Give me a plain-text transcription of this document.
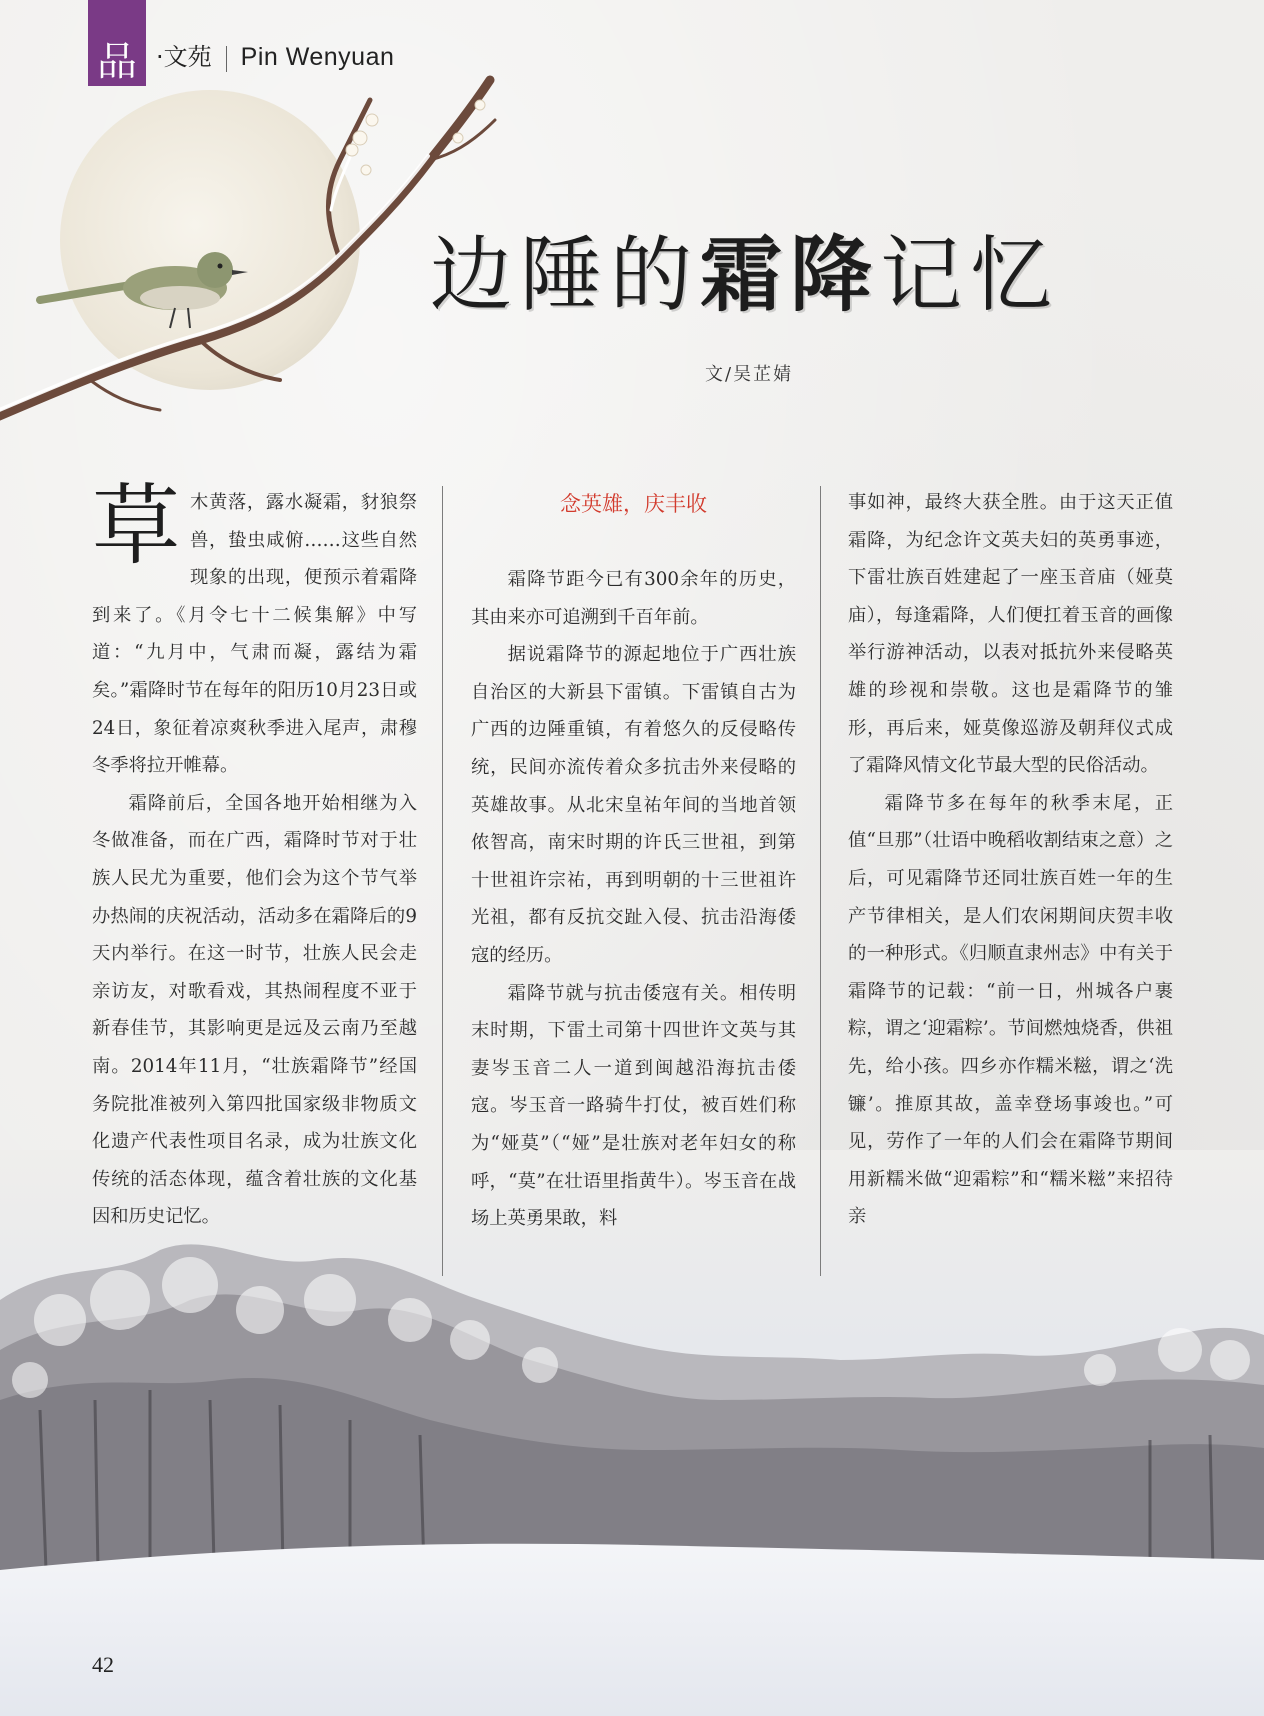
品 ·文苑 Pin Wenyuan
边陲的霜降记忆
文/吴芷婧
草 木黄落，露水凝霜，豺狼祭兽，蛰虫咸俯……这些自然现象的出现，便预示着霜降到来了。《月令七十二候集解》中写道：“九月中，气肃而凝，露结为霜矣。”霜降时节在每年的阳历10月23日或24日，象征着凉爽秋季进入尾声，肃穆冬季将拉开帷幕。

霜降前后，全国各地开始相继为入冬做准备，而在广西，霜降时节对于壮族人民尤为重要，他们会为这个节气举办热闹的庆祝活动，活动多在霜降后的9天内举行。在这一时节，壮族人民会走亲访友，对歌看戏，其热闹程度不亚于新春佳节，其影响更是远及云南乃至越南。2014年11月，“壮族霜降节”经国务院批准被列入第四批国家级非物质文化遗产代表性项目名录，成为壮族文化传统的活态体现，蕴含着壮族的文化基因和历史记忆。

念英雄，庆丰收

霜降节距今已有300余年的历史，其由来亦可追溯到千百年前。

据说霜降节的源起地位于广西壮族自治区的大新县下雷镇。下雷镇自古为广西的边陲重镇，有着悠久的反侵略传统，民间亦流传着众多抗击外来侵略的英雄故事。从北宋皇祐年间的当地首领侬智高，南宋时期的许氏三世祖，到第十世祖许宗祐，再到明朝的十三世祖许光祖，都有反抗交趾入侵、抗击沿海倭寇的经历。

霜降节就与抗击倭寇有关。相传明末时期，下雷土司第十四世许文英与其妻岑玉音二人一道到闽越沿海抗击倭寇。岑玉音一路骑牛打仗，被百姓们称为“娅莫”（“娅”是壮族对老年妇女的称呼，“莫”在壮语里指黄牛）。岑玉音在战场上英勇果敢，料

事如神，最终大获全胜。由于这天正值霜降，为纪念许文英夫妇的英勇事迹，下雷壮族百姓建起了一座玉音庙（娅莫庙），每逢霜降，人们便扛着玉音的画像举行游神活动，以表对抵抗外来侵略英雄的珍视和崇敬。这也是霜降节的雏形，再后来，娅莫像巡游及朝拜仪式成了霜降风情文化节最大型的民俗活动。

霜降节多在每年的秋季末尾，正值“旦那”（壮语中晚稻收割结束之意）之后，可见霜降节还同壮族百姓一年的生产节律相关，是人们农闲期间庆贺丰收的一种形式。《归顺直隶州志》中有关于霜降节的记载：“前一日，州城各户裹粽，谓之‘迎霜粽’。节间燃烛烧香，供祖先，给小孩。四乡亦作糯米糍，谓之‘洗镰’。推原其故，盖幸登场事竣也。”可见，劳作了一年的人们会在霜降节期间用新糯米做“迎霜粽”和“糯米糍”来招待亲

42
